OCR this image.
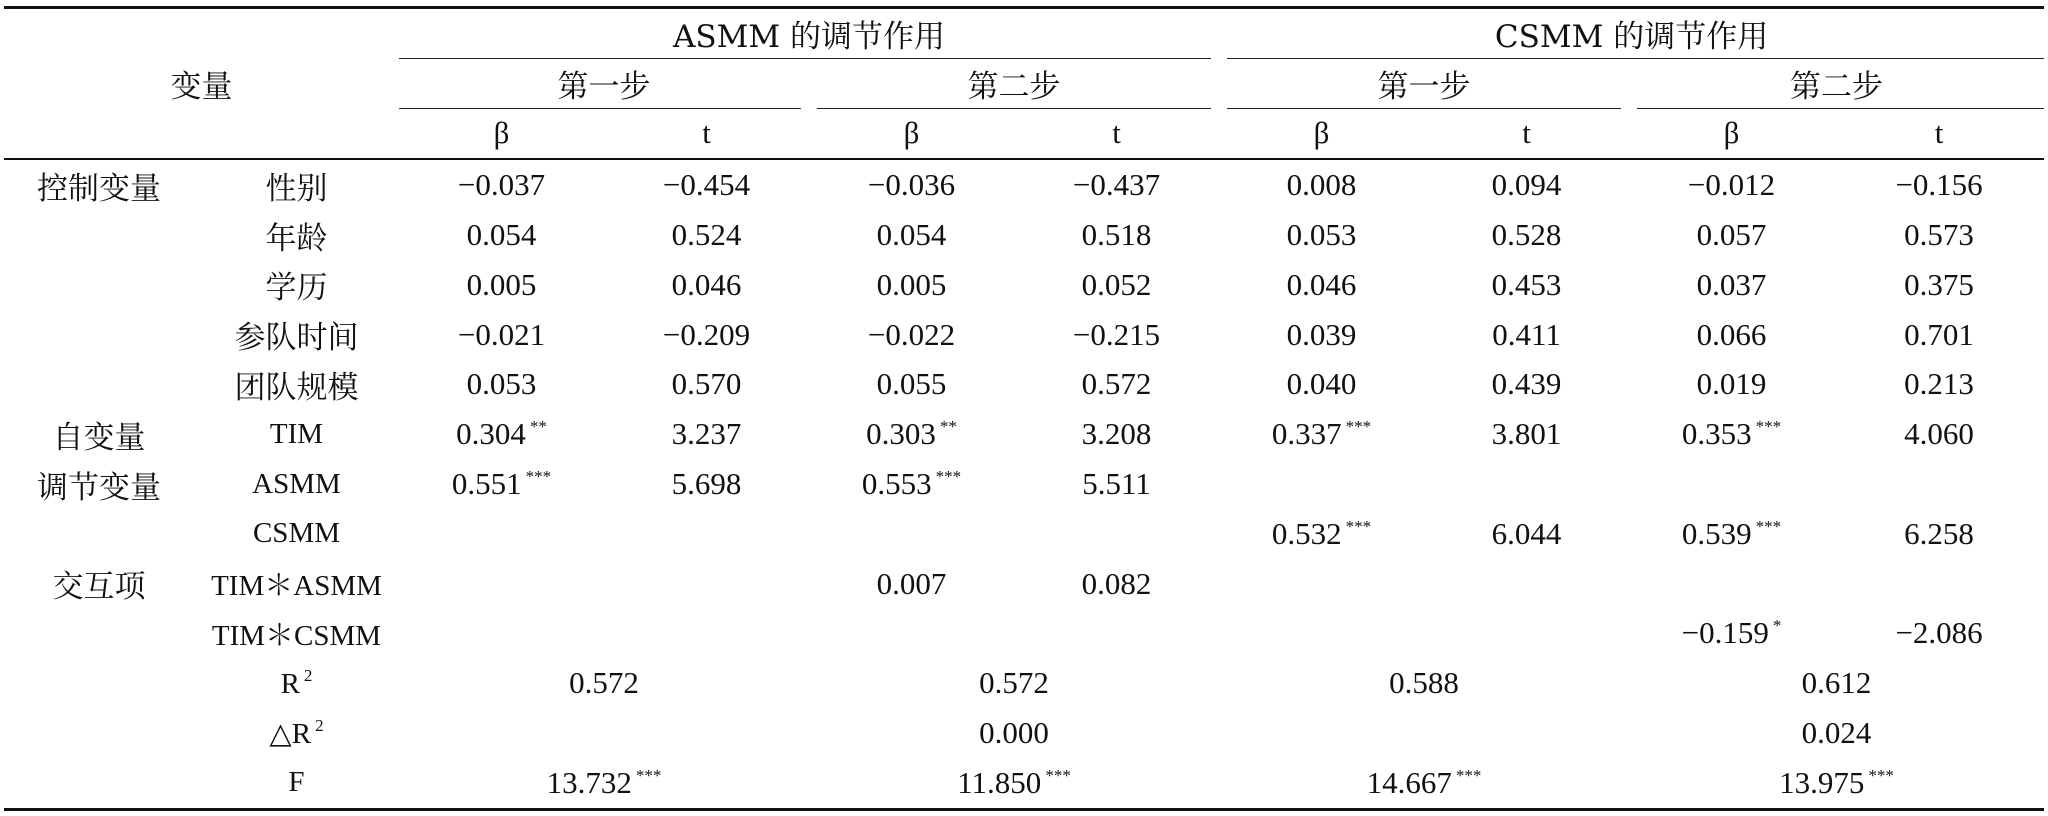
变量		ASMM 的调节作用				CSMM 的调节作用			
		第一步		第二步		第一步		第二步	
		β	t	β	t	β	t	β	t
控制变量	性别	−0.037	−0.454	−0.036	−0.437	0.008	0.094	−0.012	−0.156
	年龄	0.054	0.524	0.054	0.518	0.053	0.528	0.057	0.573
	学历	0.005	0.046	0.005	0.052	0.046	0.453	0.037	0.375
	参队时间	−0.021	−0.209	−0.022	−0.215	0.039	0.411	0.066	0.701
	团队规模	0.053	0.570	0.055	0.572	0.040	0.439	0.019	0.213
自变量	TIM	0.304 **	3.237	0.303 **	3.208	0.337 ***	3.801	0.353 ***	4.060
调节变量	ASMM	0.551 ***	5.698	0.553 ***	5.511				
	CSMM					0.532 ***	6.044	0.539 ***	6.258
交互项	TIM＊ASMM			0.007	0.082				
	TIM＊CSMM							−0.159 *	−2.086
	R $^2$	0.572		0.572		0.588		0.612	
	△R $^2$			0.000				0.024	
	F	13.732 ***		11.850 ***		14.667 ***		13.975 ***
